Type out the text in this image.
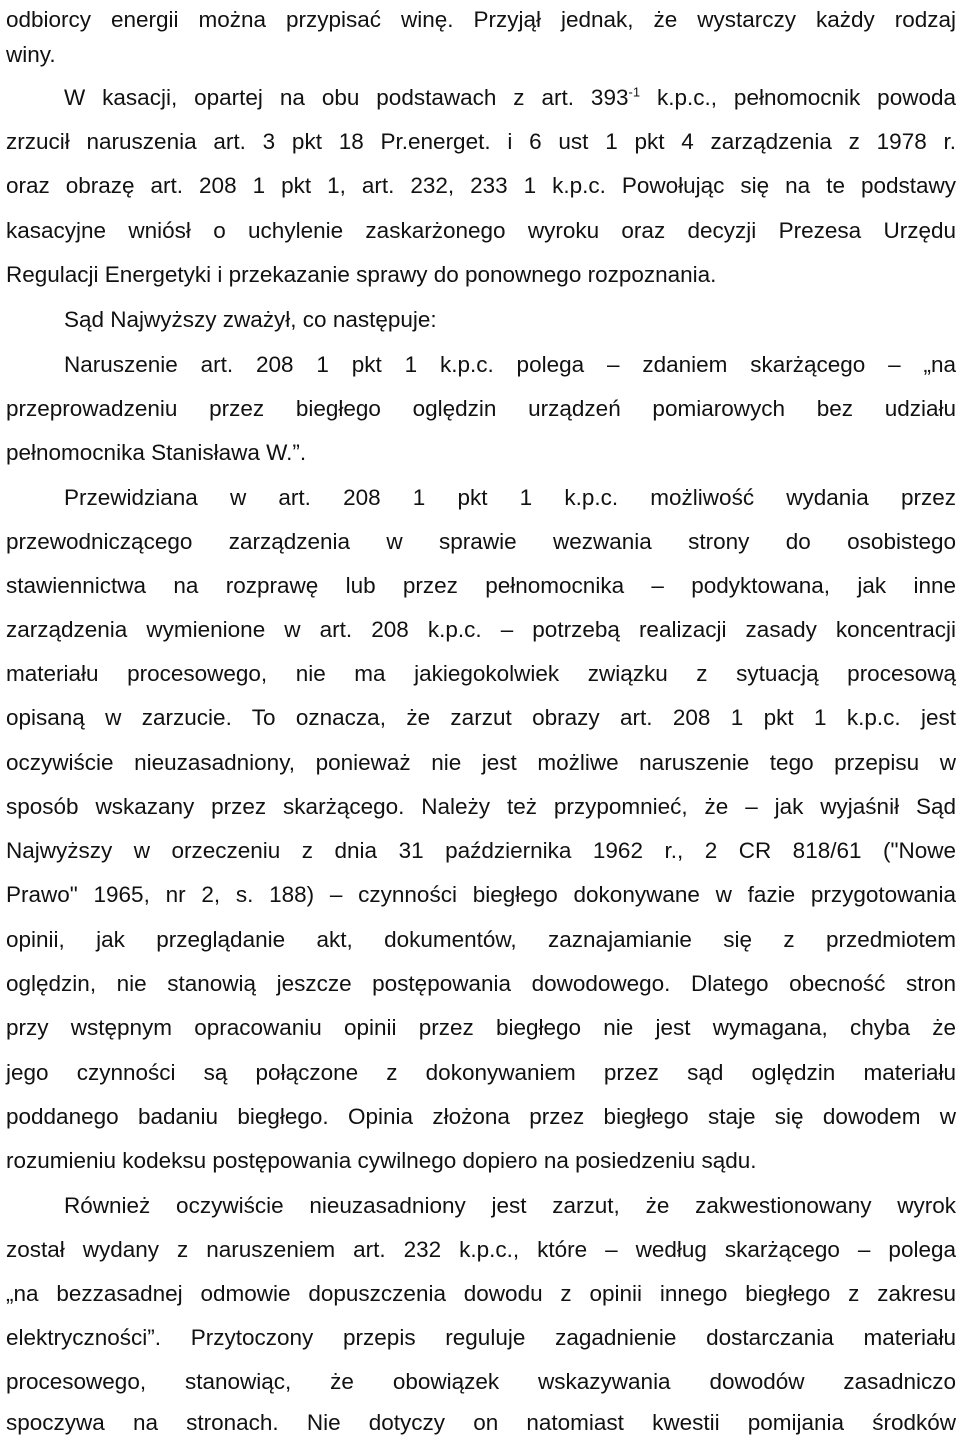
odbiorcy energii można przypisać winę. Przyjął jednak, że wystarczy każdy rodzaj
winy.
W kasacji, opartej na obu podstawach z art. $393^{-1}$ k.p.c., pełnomocnik powoda
zrzucił naruszenia art. 3 pkt 18 Pr.energet. i 6 ust 1 pkt 4 zarządzenia z 1978 r.
oraz obrazę art. 208 1 pkt 1, art. 232, 233 1 k.p.c. Powołując się na te podstawy
kasacyjne wniósł o uchylenie zaskarżonego wyroku oraz decyzji Prezesa Urzędu
Regulacji Energetyki i przekazanie sprawy do ponownego rozpoznania.
Sąd Najwyższy zważył, co następuje:
Naruszenie art. 208 1 pkt 1 k.p.c. polega – zdaniem skarżącego – „na
przeprowadzeniu przez biegłego oględzin urządzeń pomiarowych bez udziału
pełnomocnika Stanisława W.”.
Przewidziana w art. 208 1 pkt 1 k.p.c. możliwość wydania przez
przewodniczącego zarządzenia w sprawie wezwania strony do osobistego
stawiennictwa na rozprawę lub przez pełnomocnika – podyktowana, jak inne
zarządzenia wymienione w art. 208 k.p.c. – potrzebą realizacji zasady koncentracji
materiału procesowego, nie ma jakiegokolwiek związku z sytuacją procesową
opisaną w zarzucie. To oznacza, że zarzut obrazy art. 208 1 pkt 1 k.p.c. jest
oczywiście nieuzasadniony, ponieważ nie jest możliwe naruszenie tego przepisu w
sposób wskazany przez skarżącego. Należy też przypomnieć, że – jak wyjaśnił Sąd
Najwyższy w orzeczeniu z dnia 31 października 1962 r., 2 CR 818/61 ("Nowe
Prawo" 1965, nr 2, s. 188) – czynności biegłego dokonywane w fazie przygotowania
opinii, jak przeglądanie akt, dokumentów, zaznajamianie się z przedmiotem
oględzin, nie stanowią jeszcze postępowania dowodowego. Dlatego obecność stron
przy wstępnym opracowaniu opinii przez biegłego nie jest wymagana, chyba że
jego czynności są połączone z dokonywaniem przez sąd oględzin materiału
poddanego badaniu biegłego. Opinia złożona przez biegłego staje się dowodem w
rozumieniu kodeksu postępowania cywilnego dopiero na posiedzeniu sądu.
Również oczywiście nieuzasadniony jest zarzut, że zakwestionowany wyrok
został wydany z naruszeniem art. 232 k.p.c., które – według skarżącego – polega
„na bezzasadnej odmowie dopuszczenia dowodu z opinii innego biegłego z zakresu
elektryczności”. Przytoczony przepis reguluje zagadnienie dostarczania materiału
procesowego, stanowiąc, że obowiązek wskazywania dowodów zasadniczo
spoczywa na stronach. Nie dotyczy on natomiast kwestii pomijania środków
